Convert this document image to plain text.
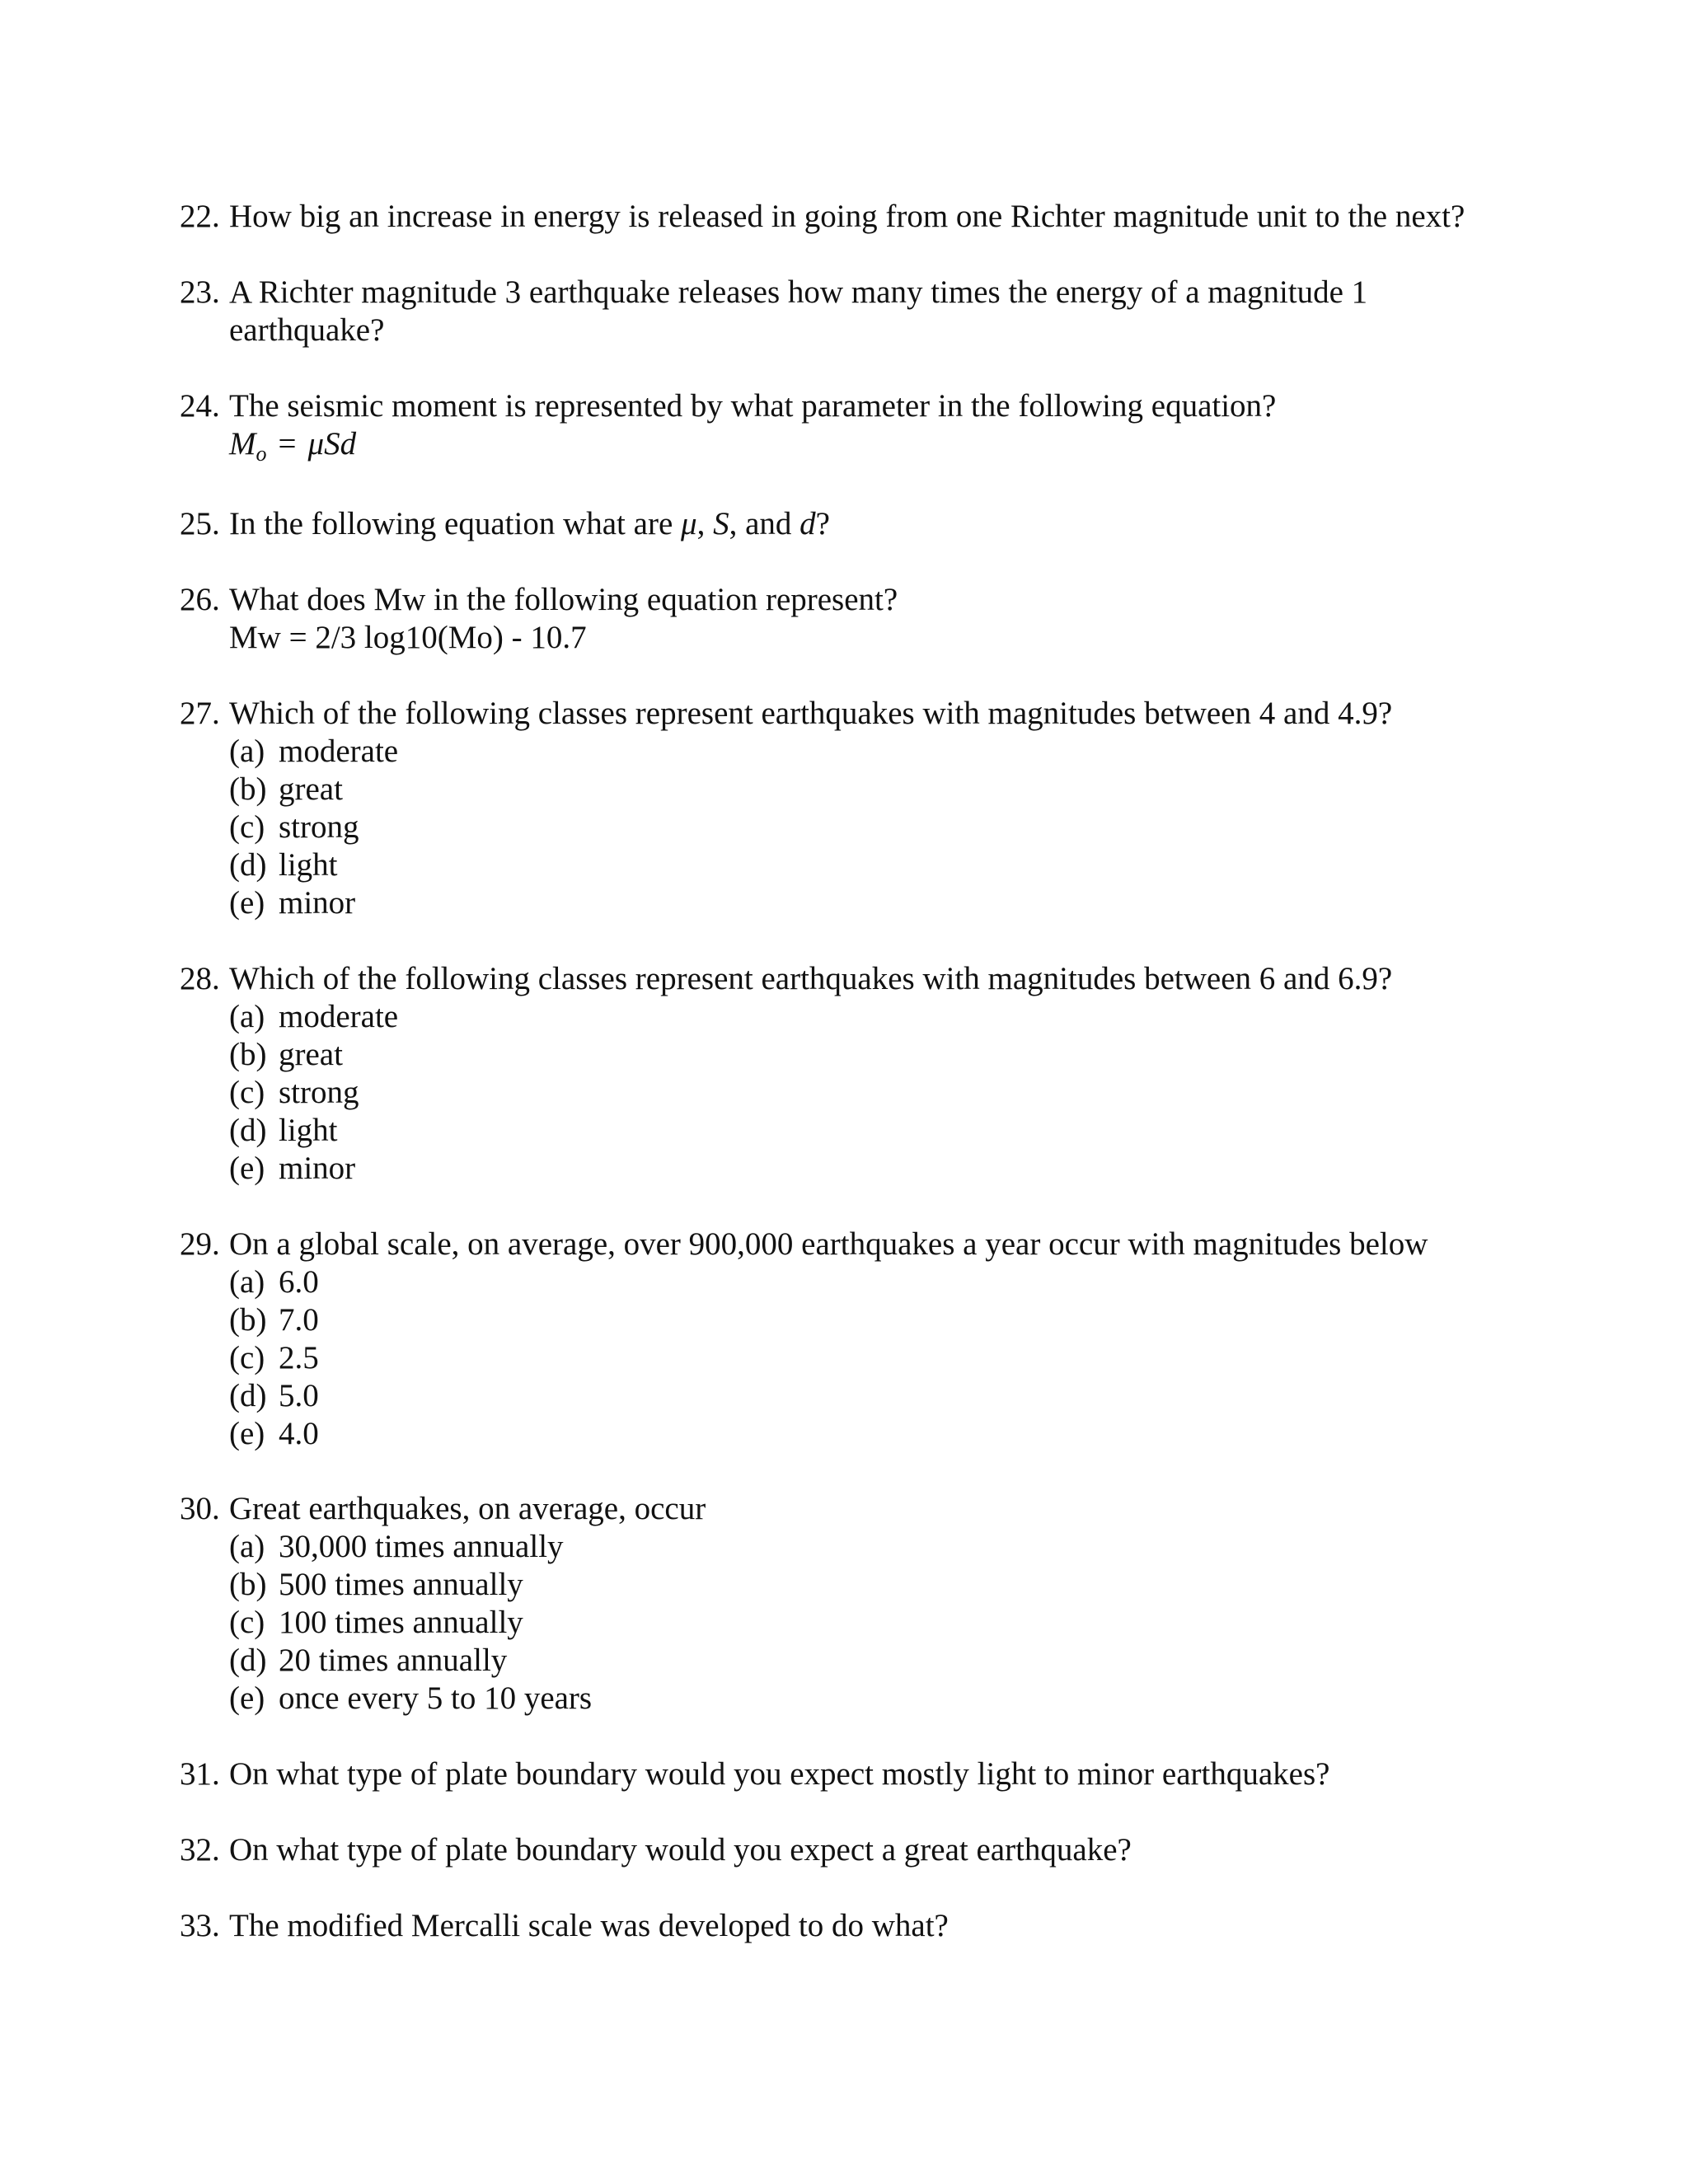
22. How big an increase in energy is released in going from one Richter magnitude unit to the next?
23. A Richter magnitude 3 earthquake releases how many times the energy of a magnitude 1
earthquake?
24. The seismic moment is represented by what parameter in the following equation?
$M_o = \mu Sd$
25. In the following equation what are μ, S, and d?
26. What does Mw in the following equation represent?
Mw = 2/3 log10(Mo) - 10.7
27. Which of the following classes represent earthquakes with magnitudes between 4 and 4.9?
(a) moderate
(b) great
(c) strong
(d) light
(e) minor
28. Which of the following classes represent earthquakes with magnitudes between 6 and 6.9?
(a) moderate
(b) great
(c) strong
(d) light
(e) minor
29. On a global scale, on average, over 900,000 earthquakes a year occur with magnitudes below
(a) 6.0
(b) 7.0
(c) 2.5
(d) 5.0
(e) 4.0
30. Great earthquakes, on average, occur
(a) 30,000 times annually
(b) 500 times annually
(c) 100 times annually
(d) 20 times annually
(e) once every 5 to 10 years
31. On what type of plate boundary would you expect mostly light to minor earthquakes?
32. On what type of plate boundary would you expect a great earthquake?
33. The modified Mercalli scale was developed to do what?
